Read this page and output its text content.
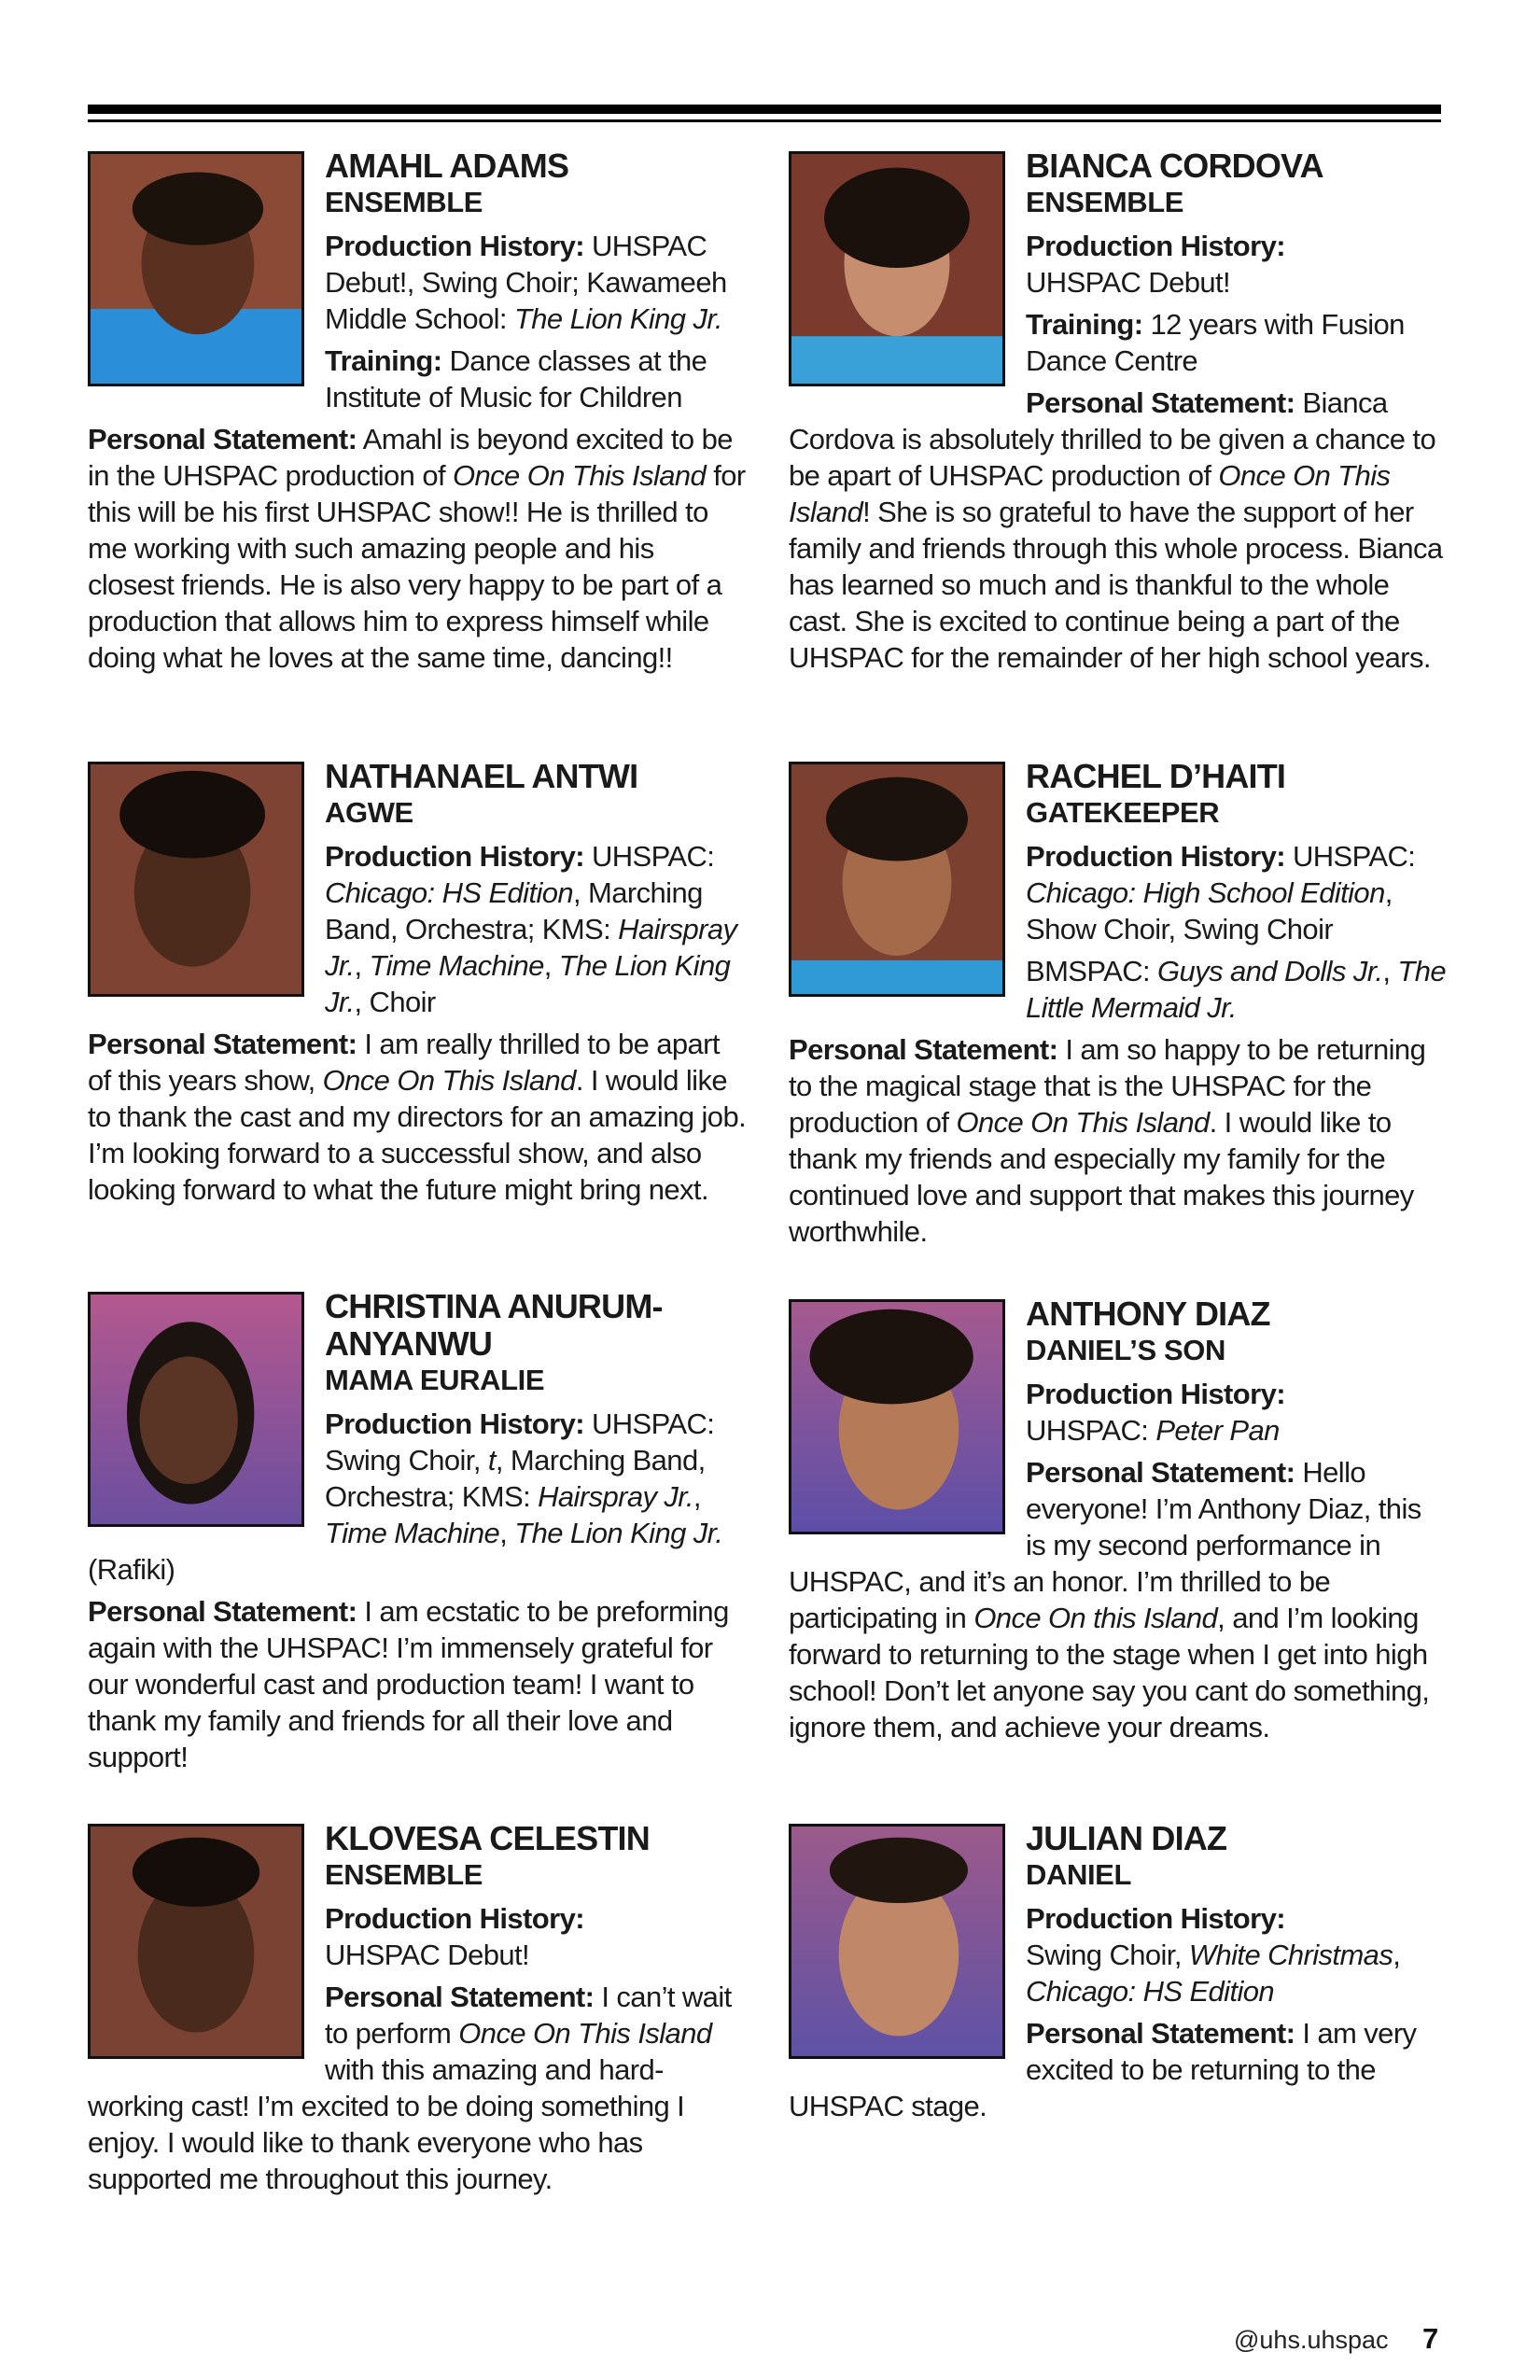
AMAHL ADAMS
ENSEMBLE

Production History: UHSPAC Debut!, Swing Choir; Kawameeh Middle School: The Lion King Jr.

Training: Dance classes at the Institute of Music for Children

Personal Statement: Amahl is beyond excited to be in the UHSPAC production of Once On This Island for this will be his first UHSPAC show!! He is thrilled to me working with such amazing people and his closest friends. He is also very happy to be part of a production that allows him to express himself while doing what he loves at the same time, dancing!!

BIANCA CORDOVA
ENSEMBLE

Production History:
UHSPAC Debut!

Training: 12 years with Fusion Dance Centre

Personal Statement: Bianca Cordova is absolutely thrilled to be given a chance to be apart of UHSPAC production of Once On This Island! She is so grateful to have the support of her family and friends through this whole process. Bianca has learned so much and is thankful to the whole cast. She is excited to continue being a part of the UHSPAC for the remainder of her high school years.

NATHANAEL ANTWI
AGWE

Production History: UHSPAC: Chicago: HS Edition, Marching Band, Orchestra; KMS: Hairspray Jr., Time Machine, The Lion King Jr., Choir

Personal Statement: I am really thrilled to be apart of this years show, Once On This Island. I would like to thank the cast and my directors for an amazing job. I’m looking forward to a successful show, and also looking forward to what the future might bring next.

RACHEL D’HAITI
GATEKEEPER

Production History: UHSPAC: Chicago: High School Edition, Show Choir, Swing Choir

BMSPAC: Guys and Dolls Jr., The Little Mermaid Jr.

Personal Statement: I am so happy to be returning to the magical stage that is the UHSPAC for the production of Once On This Island. I would like to thank my friends and especially my family for the continued love and support that makes this journey worthwhile.

CHRISTINA ANURUM-ANYANWU
MAMA EURALIE

Production History: UHSPAC: Swing Choir, t, Marching Band, Orchestra; KMS: Hairspray Jr., Time Machine, The Lion King Jr. (Rafiki)

Personal Statement: I am ecstatic to be preforming again with the UHSPAC! I’m immensely grateful for our wonderful cast and production team! I want to thank my family and friends for all their love and support!

ANTHONY DIAZ
DANIEL’S SON

Production History:
UHSPAC: Peter Pan

Personal Statement: Hello everyone! I’m Anthony Diaz, this is my second performance in UHSPAC, and it’s an honor. I’m thrilled to be participating in Once On this Island, and I’m looking forward to returning to the stage when I get into high school! Don’t let anyone say you cant do something, ignore them, and achieve your dreams.

KLOVESA CELESTIN
ENSEMBLE

Production History:
UHSPAC Debut!

Personal Statement: I can’t wait to perform Once On This Island with this amazing and hard-working cast! I’m excited to be doing something I enjoy. I would like to thank everyone who has supported me throughout this journey.

JULIAN DIAZ
DANIEL

Production History:
Swing Choir, White Christmas, Chicago: HS Edition

Personal Statement: I am very excited to be returning to the UHSPAC stage.

@uhs.uhspac 7
